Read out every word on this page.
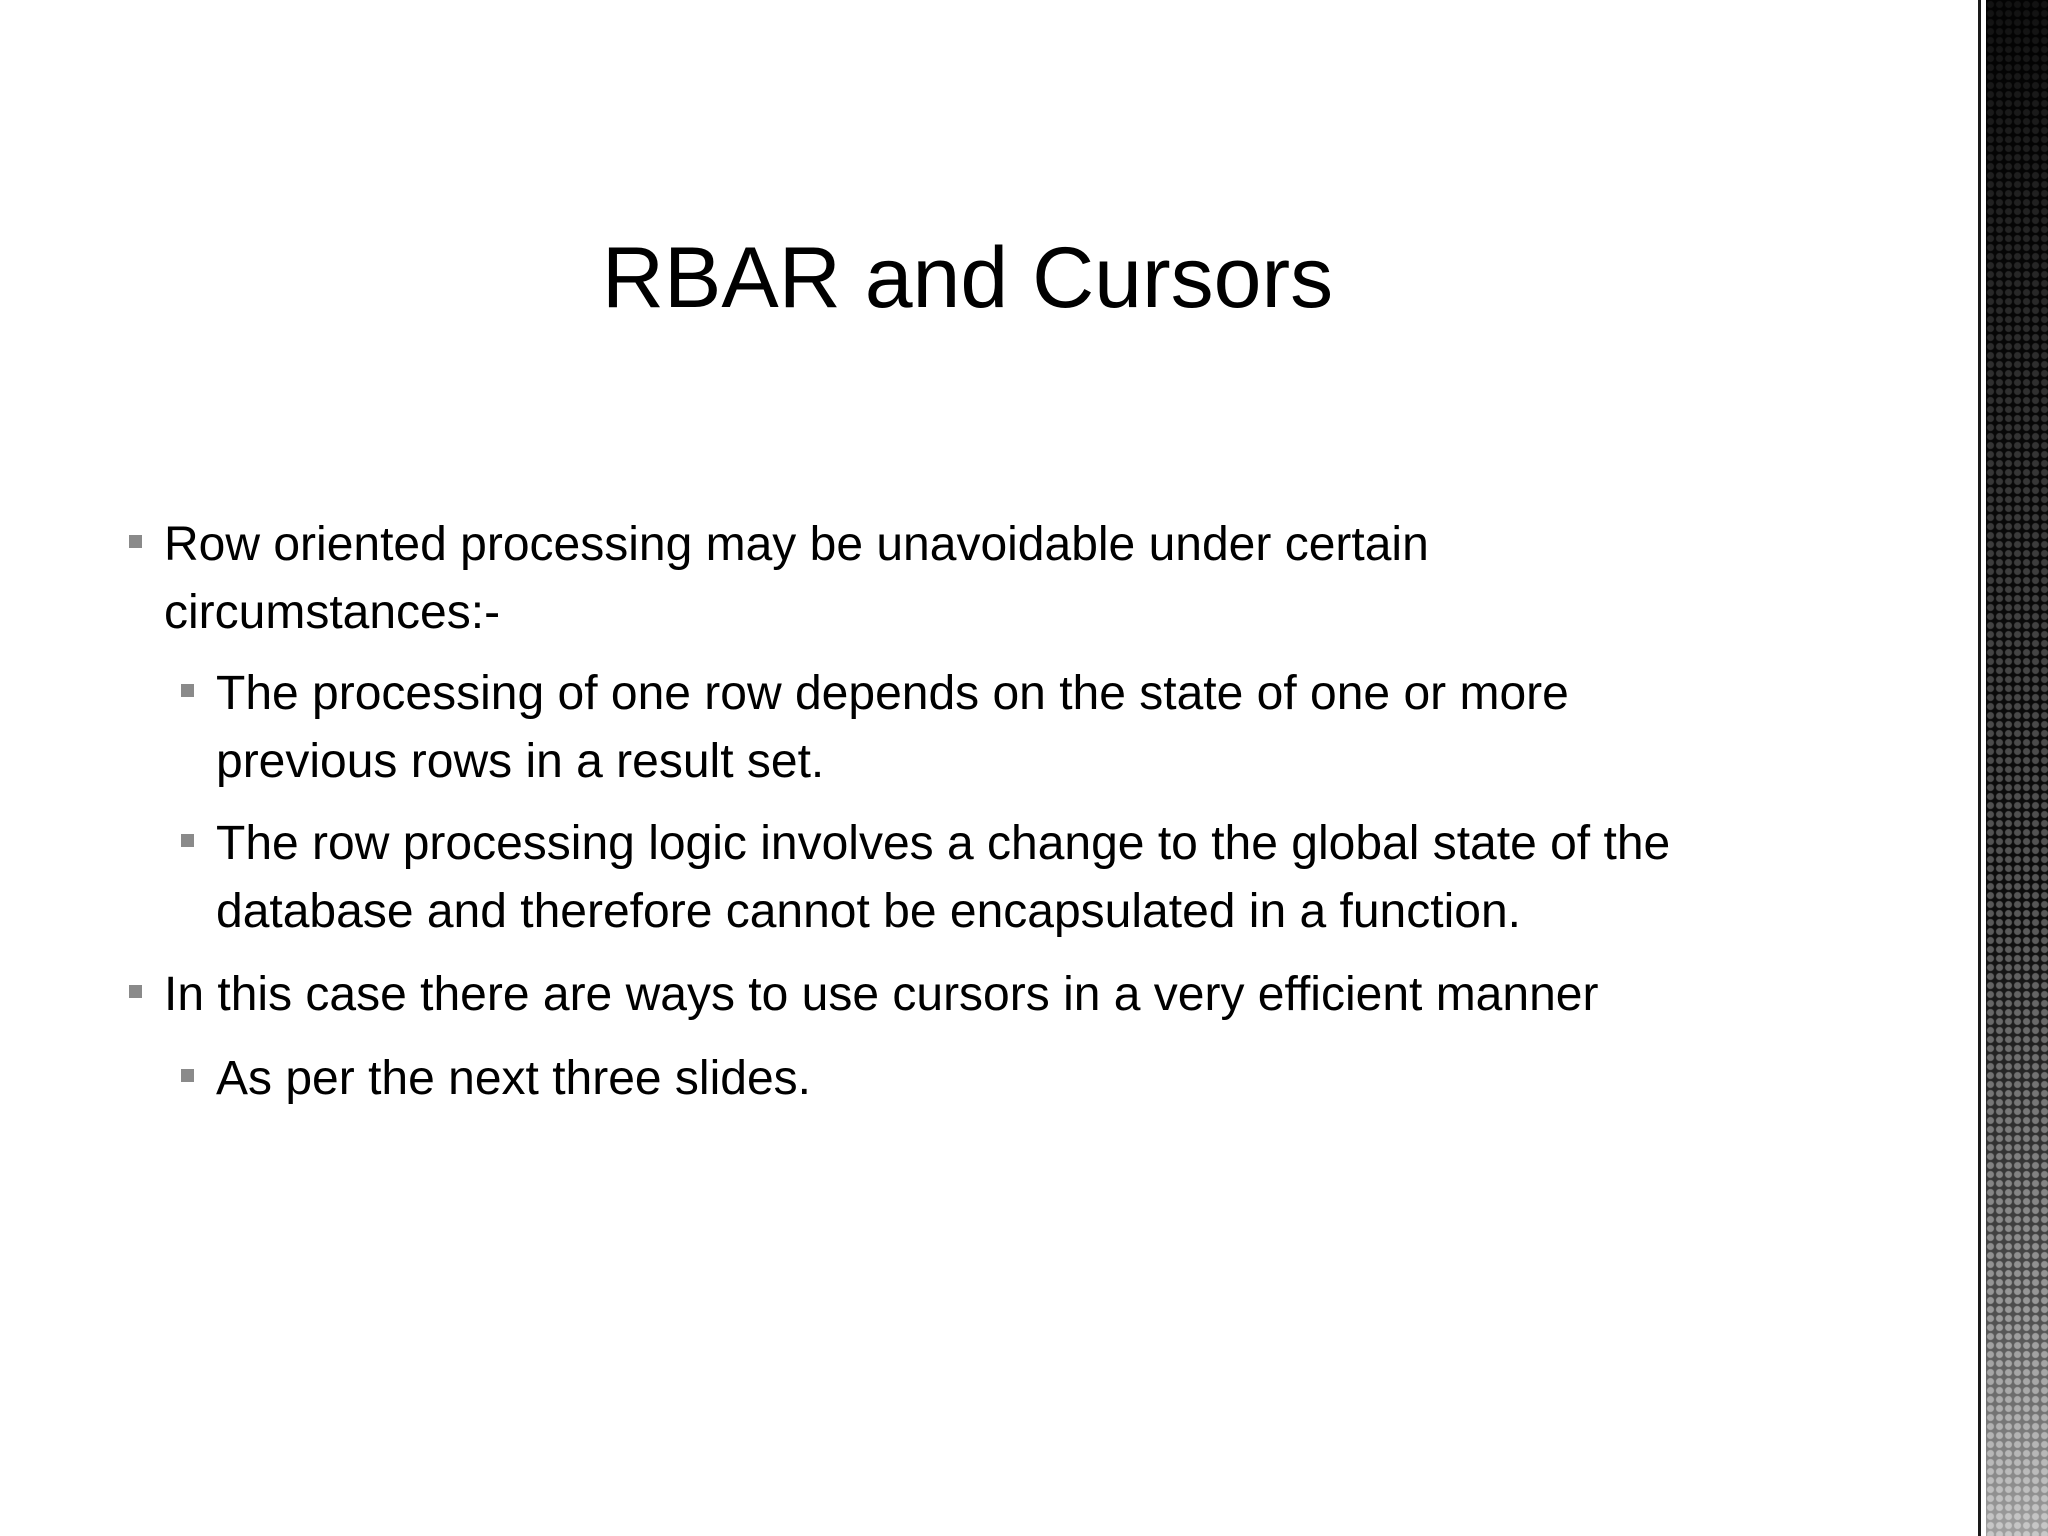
RBAR and Cursors
Row oriented processing may be unavoidable under certain
circumstances:-
The processing of one row depends on the state of one or more
previous rows in a result set.
The row processing logic involves a change to the global state of the
database and therefore cannot be encapsulated in a function.
In this case there are ways to use cursors in a very efficient manner
As per the next three slides.
